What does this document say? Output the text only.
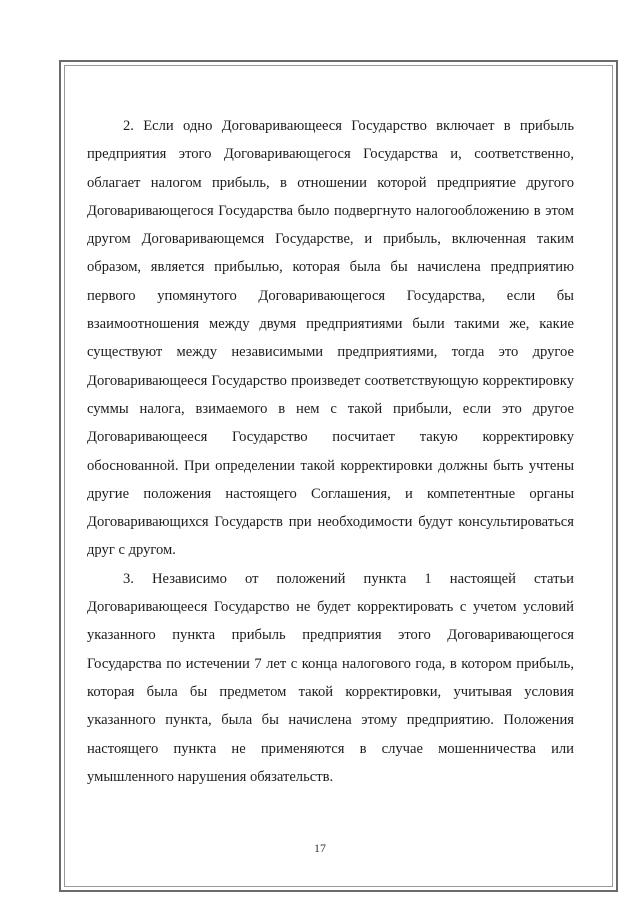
2. Если одно Договаривающееся Государство включает в прибыль предприятия этого Договаривающегося Государства и, соответственно, облагает налогом прибыль, в отношении которой предприятие другого Договаривающегося Государства было подвергнуто налогообложению в этом другом Договаривающемся Государстве, и прибыль, включенная таким образом, является прибылью, которая была бы начислена предприятию первого упомянутого Договаривающегося Государства, если бы взаимоотношения между двумя предприятиями были такими же, какие существуют между независимыми предприятиями, тогда это другое Договаривающееся Государство произведет соответствующую корректировку суммы налога, взимаемого в нем с такой прибыли, если это другое Договаривающееся Государство посчитает такую корректировку обоснованной. При определении такой корректировки должны быть учтены другие положения настоящего Соглашения, и компетентные органы Договаривающихся Государств при необходимости будут консультироваться друг с другом.

3. Независимо от положений пункта 1 настоящей статьи Договаривающееся Государство не будет корректировать с учетом условий указанного пункта прибыль предприятия этого Договаривающегося Государства по истечении 7 лет с конца налогового года, в котором прибыль, которая была бы предметом такой корректировки, учитывая условия указанного пункта, была бы начислена этому предприятию. Положения настоящего пункта не применяются в случае мошенничества или умышленного нарушения обязательств.

17
